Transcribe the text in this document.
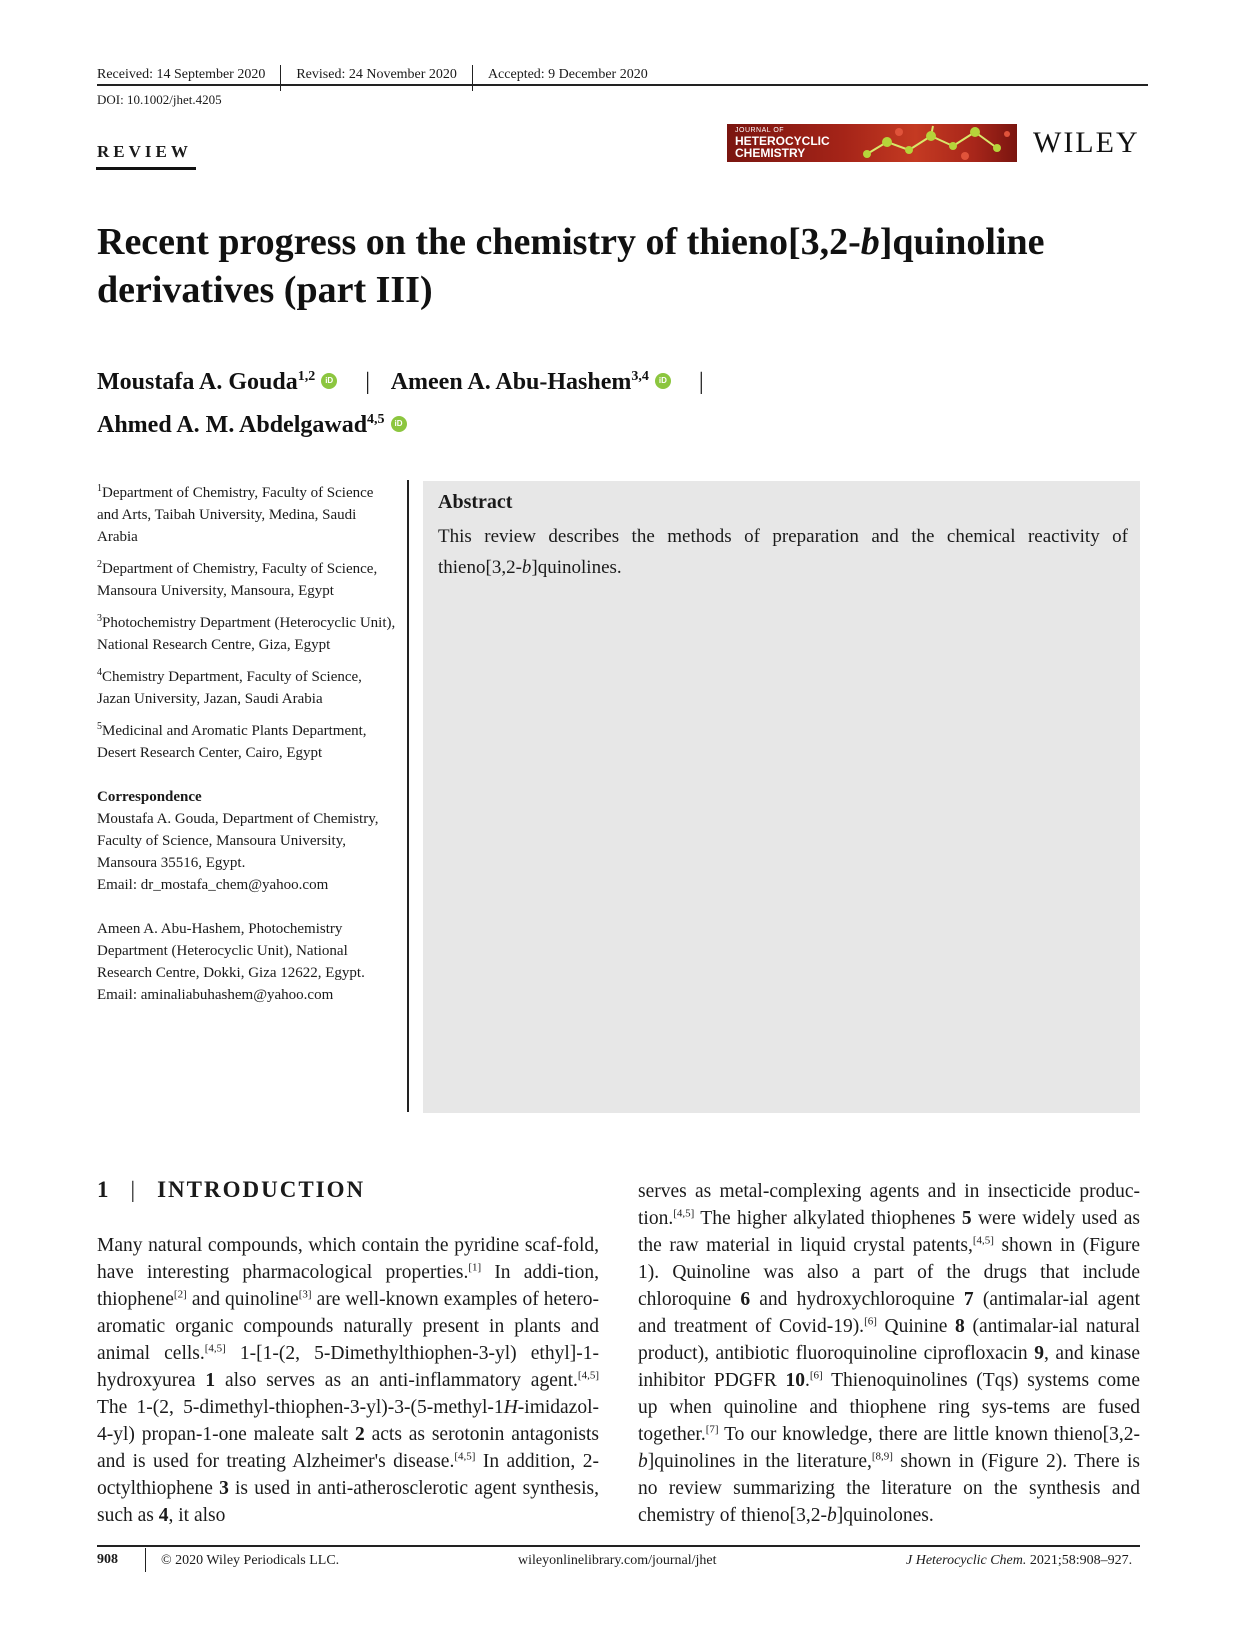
Received: 14 September 2020 Revised: 24 November 2020 Accepted: 9 December 2020
DOI: 10.1002/jhet.4205
REVIEW
JOURNAL OF
HETEROCYCLIC
CHEMISTRY	WILEY
Recent progress on the chemistry of thieno[3,2-b]quinoline derivatives (part III)
Moustafa A. Gouda$^{1,2}$ iD | Ameen A. Abu-Hashem$^{3,4}$ iD |
Ahmed A. M. Abdelgawad$^{4,5}$ iD
$^1$Department of Chemistry, Faculty of Science and Arts, Taibah University, Medina, Saudi Arabia
$^2$Department of Chemistry, Faculty of Science, Mansoura University, Mansoura, Egypt
$^3$Photochemistry Department (Heterocyclic Unit), National Research Centre, Giza, Egypt
$^4$Chemistry Department, Faculty of Science, Jazan University, Jazan, Saudi Arabia
$^5$Medicinal and Aromatic Plants Department, Desert Research Center, Cairo, Egypt
Correspondence
Moustafa A. Gouda, Department of Chemistry, Faculty of Science, Mansoura University, Mansoura 35516, Egypt.
Email: dr_mostafa_chem@yahoo.com
Ameen A. Abu-Hashem, Photochemistry Department (Heterocyclic Unit), National Research Centre, Dokki, Giza 12622, Egypt.
Email: aminaliabuhashem@yahoo.com
Abstract
This review describes the methods of preparation and the chemical reactivity of thieno[3,2-b]quinolines.
1 | INTRODUCTION
Many natural compounds, which contain the pyridine scaf-fold, have interesting pharmacological properties.[1] In addi-tion, thiophene[2] and quinoline[3] are well-known examples of hetero-aromatic organic compounds naturally present in plants and animal cells.[4,5] 1-[1-(2, 5-Dimethylthiophen-3-yl) ethyl]-1-hydroxyurea 1 also serves as an anti-inflammatory agent.[4,5] The 1-(2, 5-dimethyl-thiophen-3-yl)-3-(5-methyl-1H-imidazol-4-yl) propan-1-one maleate salt 2 acts as serotonin antagonists and is used for treating Alzheimer's disease.[4,5] In addition, 2-octylthiophene 3 is used in anti-atherosclerotic agent synthesis, such as 4, it also
serves as metal-complexing agents and in insecticide produc-tion.[4,5] The higher alkylated thiophenes 5 were widely used as the raw material in liquid crystal patents,[4,5] shown in (Figure 1). Quinoline was also a part of the drugs that include chloroquine 6 and hydroxychloroquine 7 (antimalar-ial agent and treatment of Covid-19).[6] Quinine 8 (antimalar-ial natural product), antibiotic fluoroquinoline ciprofloxacin 9, and kinase inhibitor PDGFR 10.[6] Thienoquinolines (Tqs) systems come up when quinoline and thiophene ring sys-tems are fused together.[7] To our knowledge, there are little known thieno[3,2-b]quinolines in the literature,[8,9] shown in (Figure 2). There is no review summarizing the literature on the synthesis and chemistry of thieno[3,2-b]quinolones.
908	© 2020 Wiley Periodicals LLC.	wileyonlinelibrary.com/journal/jhet	J Heterocyclic Chem. 2021;58:908–927.
